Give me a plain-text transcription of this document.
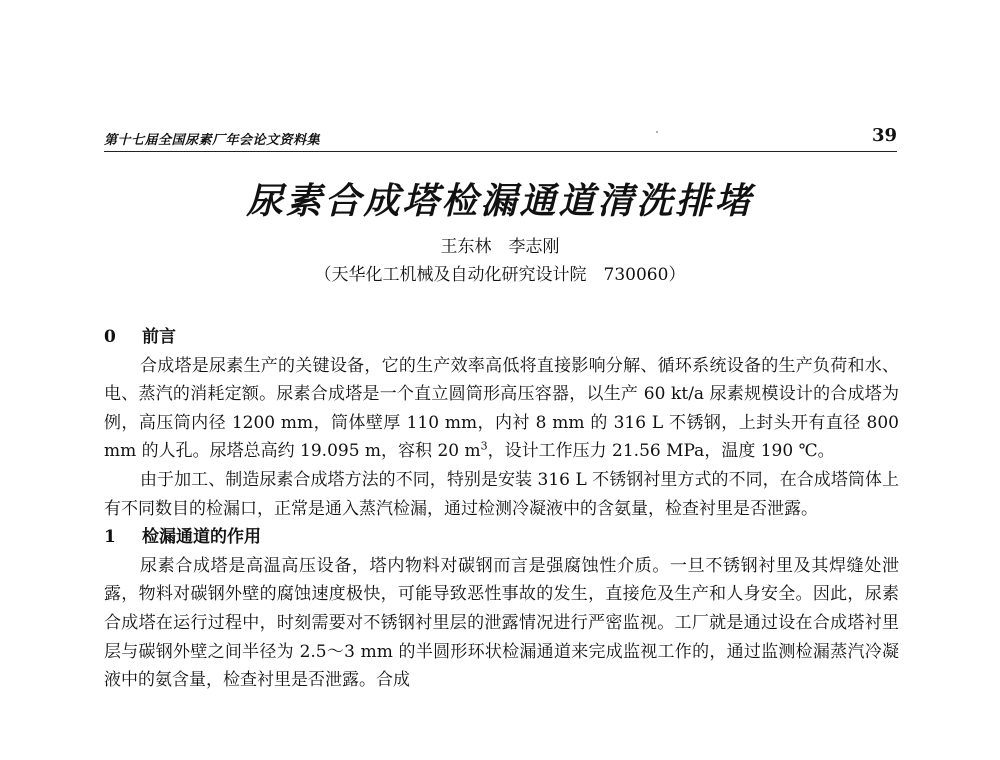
第十七届全国尿素厂年会论文资料集	39
尿素合成塔检漏通道清洗排堵
王东林　李志刚
（天华化工机械及自动化研究设计院　730060）

0 前言

合成塔是尿素生产的关键设备，它的生产效率高低将直接影响分解、循环系统设备的生产负荷和水、电、蒸汽的消耗定额。尿素合成塔是一个直立圆筒形高压容器，以生产 60 kt/a 尿素规模设计的合成塔为例，高压筒内径 1200 mm，筒体壁厚 110 mm，内衬 8 mm 的 316 L 不锈钢，上封头开有直径 800 mm 的人孔。尿塔总高约 19.095 m，容积 20 $m^3$，设计工作压力 21.56 MPa，温度 190 ℃。

由于加工、制造尿素合成塔方法的不同，特别是安装 316 L 不锈钢衬里方式的不同，在合成塔筒体上有不同数目的检漏口，正常是通入蒸汽检漏，通过检测冷凝液中的含氨量，检查衬里是否泄露。

1 检漏通道的作用

尿素合成塔是高温高压设备，塔内物料对碳钢而言是强腐蚀性介质。一旦不锈钢衬里及其焊缝处泄露，物料对碳钢外壁的腐蚀速度极快，可能导致恶性事故的发生，直接危及生产和人身安全。因此，尿素合成塔在运行过程中，时刻需要对不锈钢衬里层的泄露情况进行严密监视。工厂就是通过设在合成塔衬里层与碳钢外壁之间半径为 2.5～3 mm 的半圆形环状检漏通道来完成监视工作的，通过监测检漏蒸汽冷凝液中的氨含量，检查衬里是否泄露。合成
